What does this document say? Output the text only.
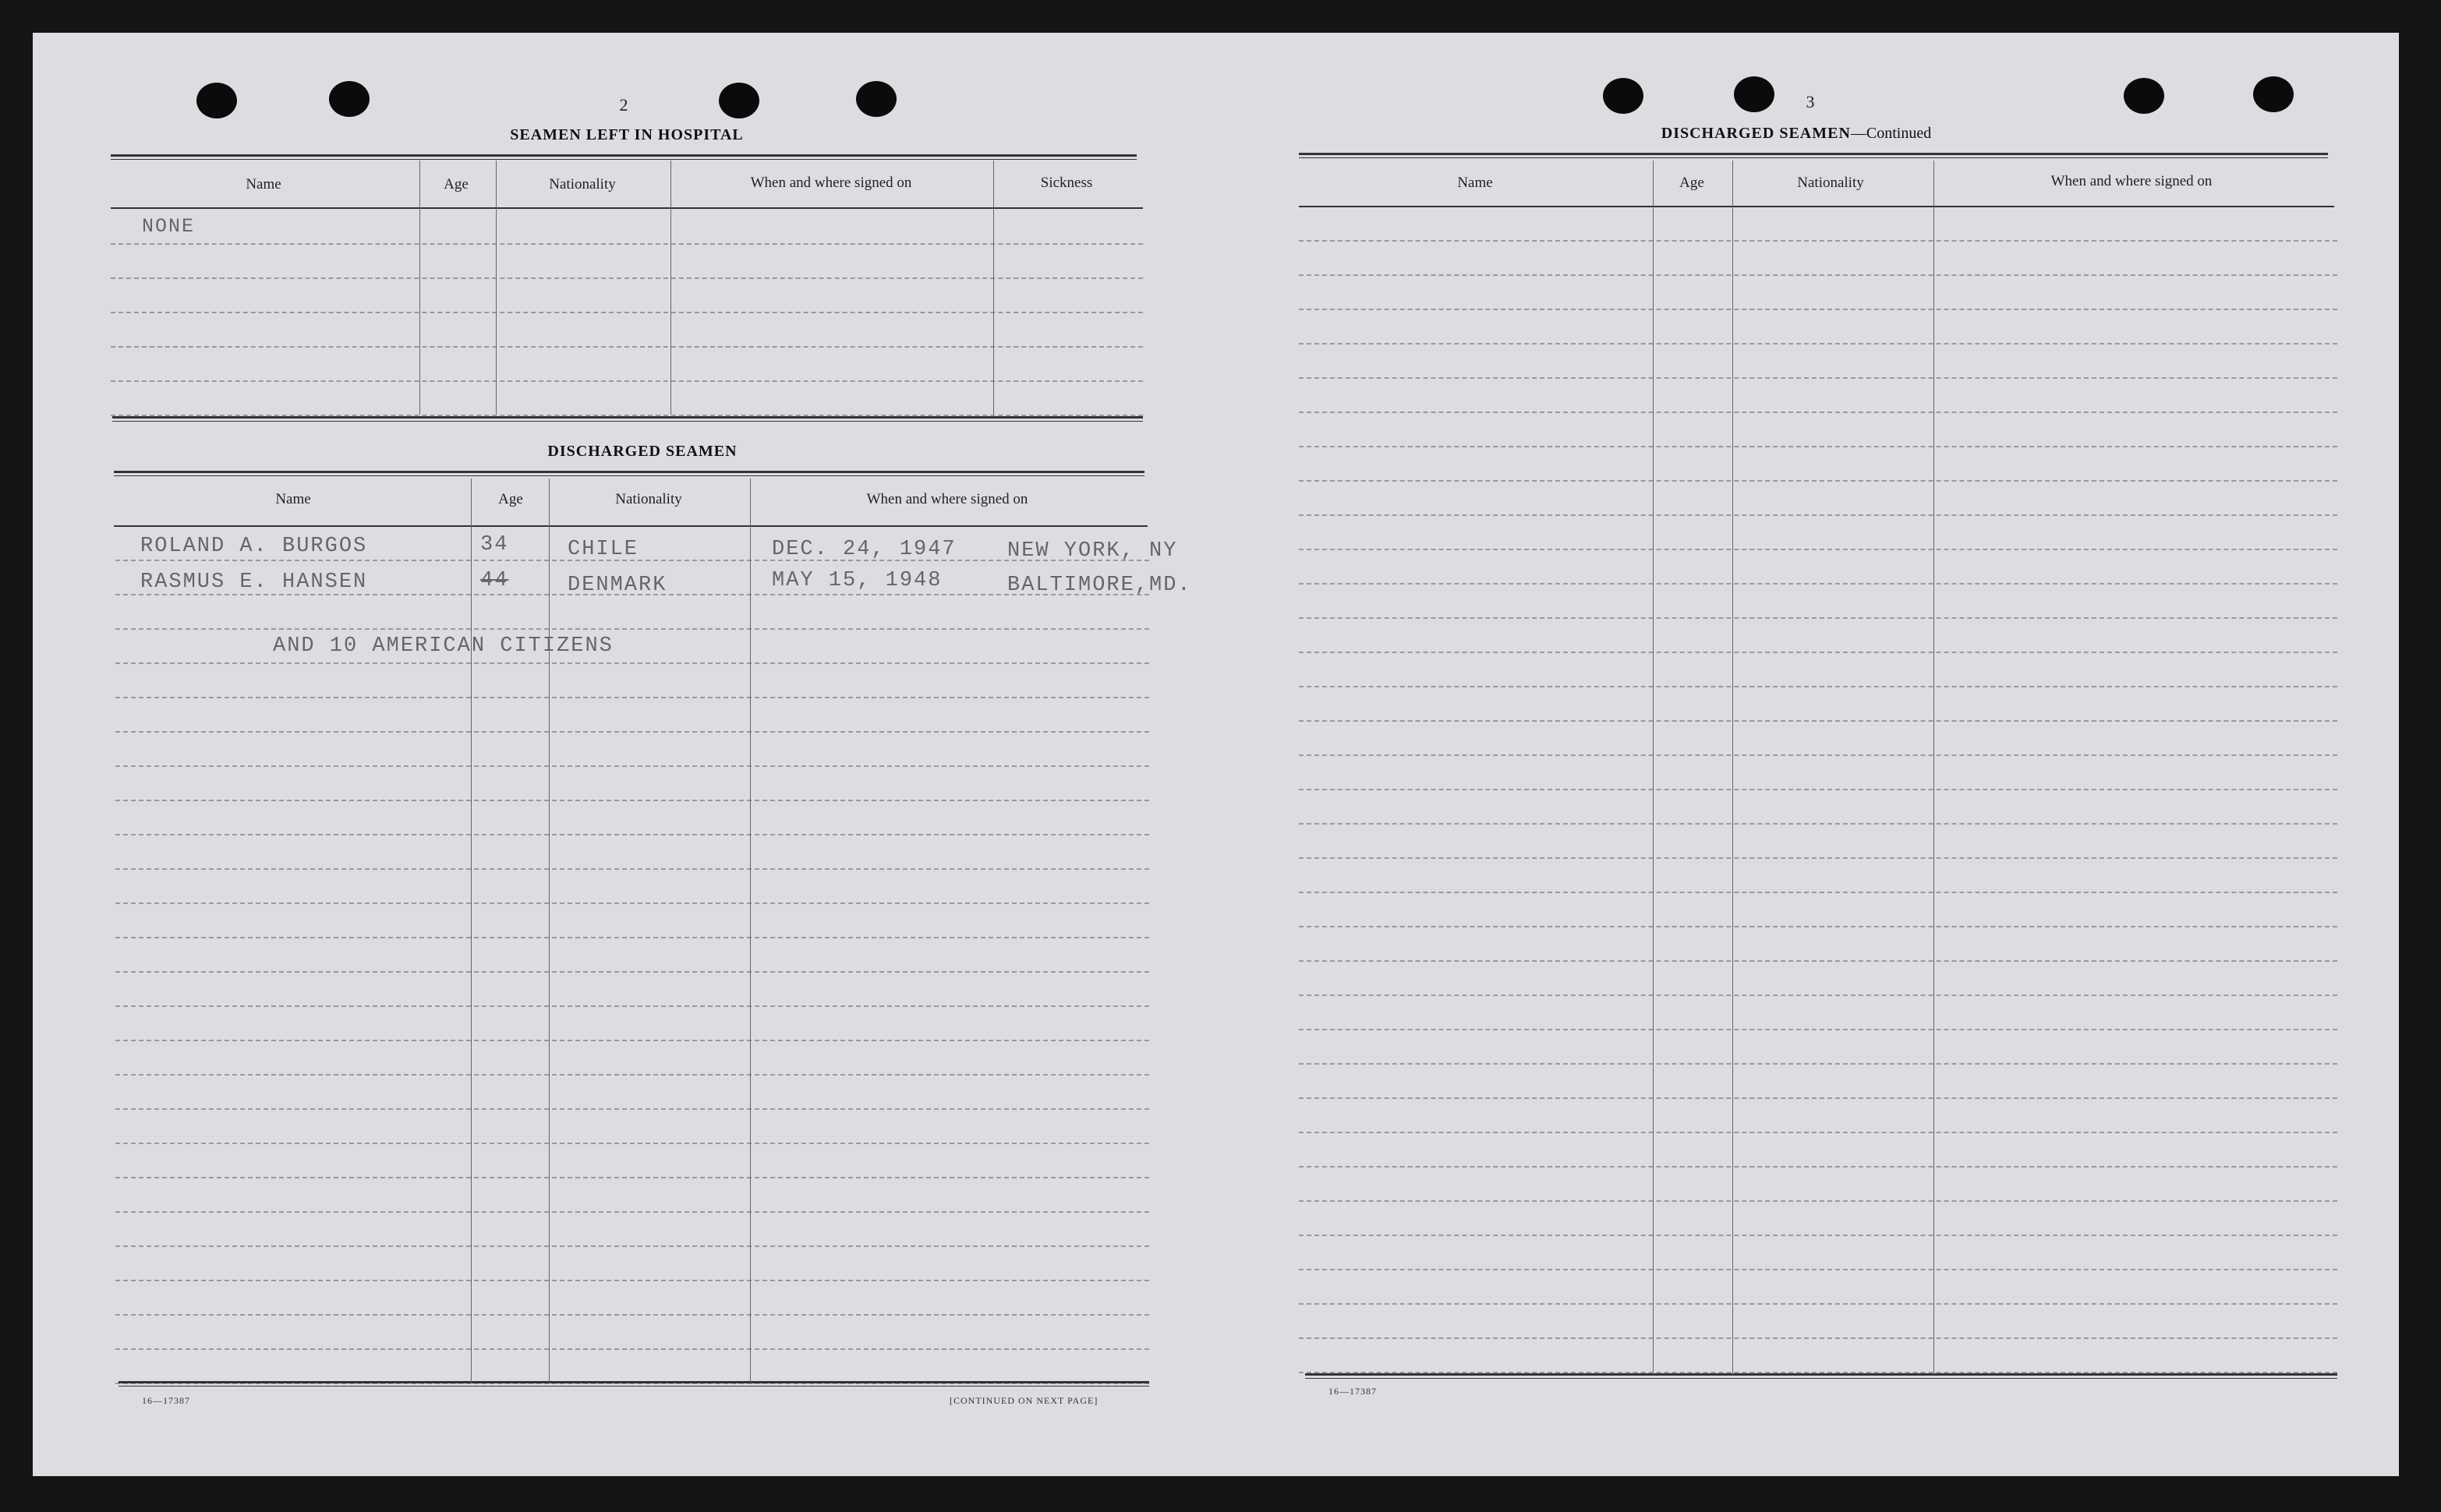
2
SEAMEN LEFT IN HOSPITAL
Name	Age	Nationality	When and where signed on	Sickness
NONE
DISCHARGED SEAMEN
Name	Age	Nationality	When and where signed on
ROLAND A. BURGOS	34	CHILE	DEC. 24, 1947 NEW YORK, NY
RASMUS E. HANSEN	44	DENMARK	MAY 15, 1948	BALTIMORE,MD.
AND 10 AMERICAN CITIZENS
16—17387	[CONTINUED ON NEXT PAGE]
3
DISCHARGED SEAMEN—Continued
Name	Age	Nationality	When and where signed on
16—17387
